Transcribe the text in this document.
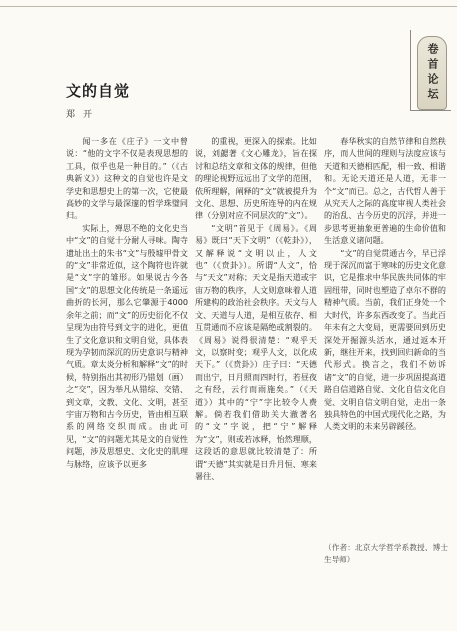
卷首论坛
文的自觉
郑开

闻一多在《庄子》一文中曾说：“他的文字不仅是表现思想的工具，似乎也是一种目的。”（《古典新义》）这种文的自觉也许是文学史和思想史上的第一次，它使最高妙的文学与最深邃的哲学珠璧同归。

实际上，殚思不绝的文化史当中“文”的自觉十分耐人寻味。陶寺遗址出土的朱书“文”与殷墟甲骨文的“文”非常近似，这个陶符也许就是“文”字的雏形。如果说古今各国“文”的思想文化传统是一条遥远曲折的长河，那么它肇源于4000余年之前；而“文”的历史衍化不仅呈现为由符号到文字的进化，更值生了文化意识和文明自觉，具体表现为孕韧而深沉的历史意识与精神气质。章太炎分析和解释“文”的时候，特别指出其初形乃错划（画）之“交”，因为举凡从错综、交错、到文章，文教、文化、文明，甚至宇宙万物和古今历史，皆由相互联系的网络交织而成。由此可见，“文”的问题尤其是文的自觉性问题，涉及思想史、文化史的肌理与脉络，应该予以更多

的重视，更深入的探索。比如说，刘勰著《文心雕龙》，旨在探讨和总结文章和文体的规律，但他的理论视野远远出了文学的范围，依所理解，阐释的“文”就被提升为文化、思想、历史所连导的内在规律（分别对应不同层次的“文”）。

“文明”首见于《周易》。《周易》既曰“天下文明”（《乾卦》），又解释说“文明以止，人文也”（《贲卦》）。所谓“人文”，恰与“天文”对称；天文是指天道或宇宙万物的秩序，人文则意味着人道所建构的政治社会秩序。天文与人文、天道与人道，是相互依存、相互贯通而不应该是隔绝或割裂的。《周易》说得很清楚：“观乎天文，以察时变；观乎人文，以化成天下。”（《贲卦》）庄子曰：“天德而出宁，日月照而四时行，若昼夜之有经，云行而雨施矣。”（《天道》）其中的“宁”字比较令人费解。倘若我们借助关大澈著名的“文”字说，把“宁”解释为“文”，则或若冰释，怡然理顺，这段话的意思就比较清楚了：所谓“天德”其实就是日升月恒、寒来暑往、

春华秋实的自然节律和自然秩序，而人世间的理则与法度应该与天道和天德相匹配，相一致、相谐和。无论天道还是人道，无非一个“文”而已。总之，古代哲人善于从究天人之际的高度审视人类社会的治乱、古今历史的沉浮，并进一步思考更抽象更普遍的生命价值和生活意义诸问题。

“文”的自觉贯通古今，早已浮现于深沉而富于寒味的历史文化意识，它是推求中华民族共同体的牢固纽带，同时也塑造了卓尔不群的精神气质。当前，我们正身处一个大时代，许多东西改变了。当此百年未有之大变局，更需要回到历史深处开掘源头活水，通过返本开新，继往开来，找到回归新命的当代形式。换言之，我们不妨诉诸“文”的自觉，进一步巩固提高道路自信道路自觉、文化自信文化自觉、文明自信文明自觉，走出一条独具特色的中国式现代化之路，为人类文明的未来另辟蹊径。

（作者：北京大学哲学系教授、博士生导师）
